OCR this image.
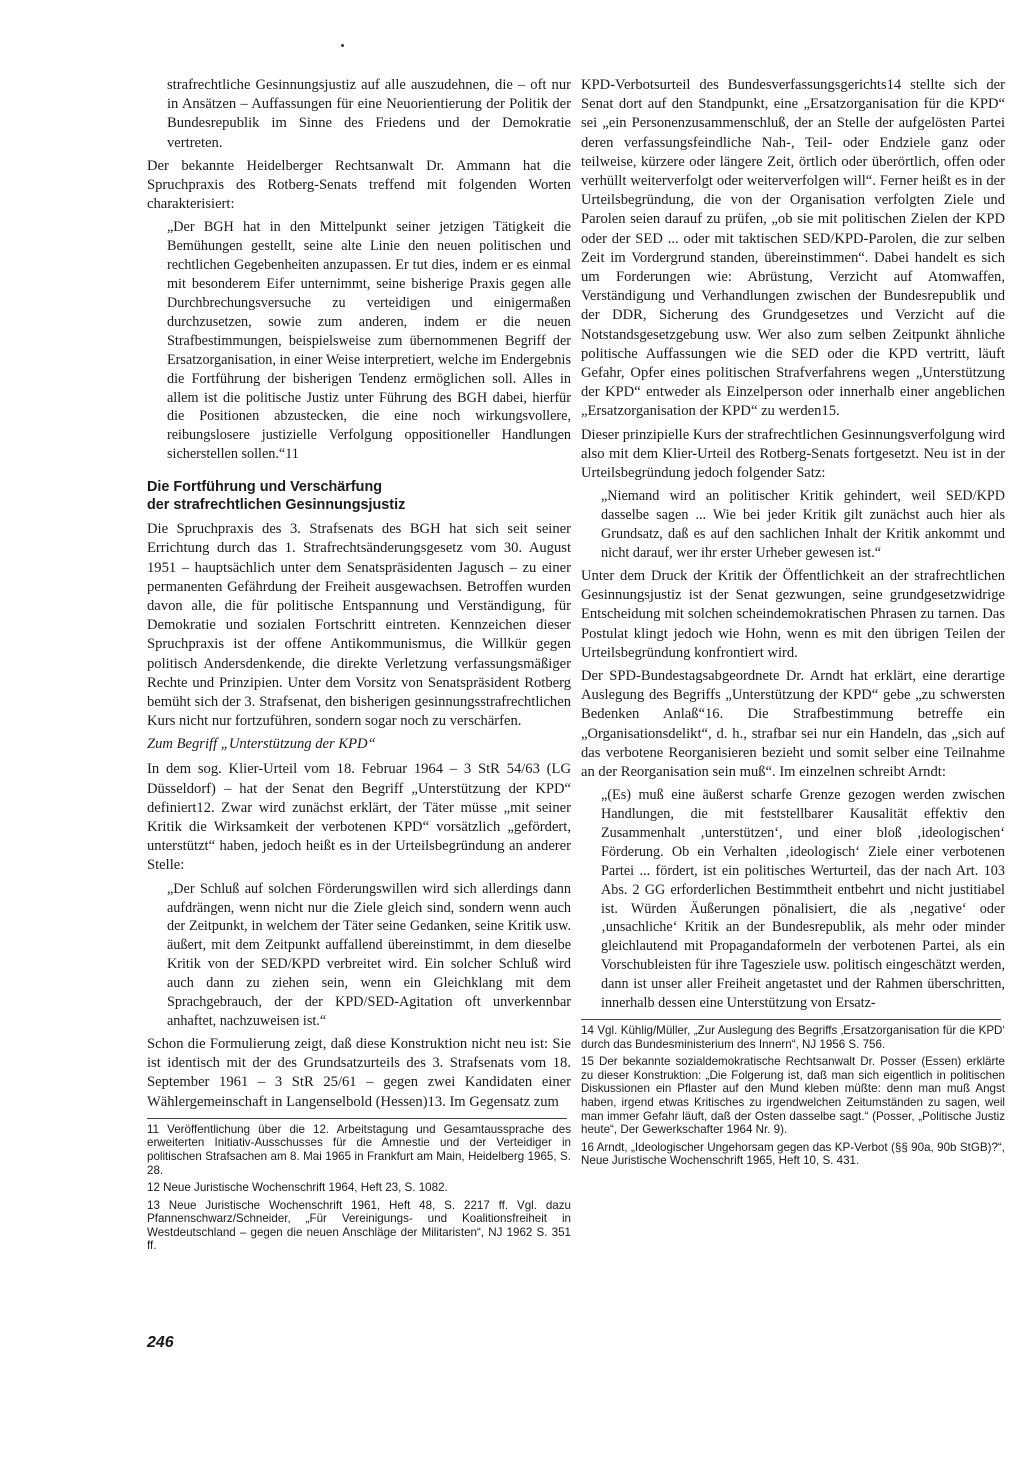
strafrechtliche Gesinnungsjustiz auf alle auszudehnen, die – oft nur in Ansätzen – Auffassungen für eine Neuorientierung der Politik der Bundesrepublik im Sinne des Friedens und der Demokratie vertreten.

Der bekannte Heidelberger Rechtsanwalt Dr. Ammann hat die Spruchpraxis des Rotberg-Senats treffend mit folgenden Worten charakterisiert:

„Der BGH hat in den Mittelpunkt seiner jetzigen Tätigkeit die Bemühungen gestellt, seine alte Linie den neuen politischen und rechtlichen Gegebenheiten anzupassen. Er tut dies, indem er es einmal mit besonderem Eifer unternimmt, seine bisherige Praxis gegen alle Durchbrechungsversuche zu verteidigen und einigermaßen durchzusetzen, sowie zum anderen, indem er die neuen Strafbestimmungen, beispielsweise zum übernommenen Begriff der Ersatzorganisation, in einer Weise interpretiert, welche im Endergebnis die Fortführung der bisherigen Tendenz ermöglichen soll. Alles in allem ist die politische Justiz unter Führung des BGH dabei, hierfür die Positionen abzustecken, die eine noch wirkungsvollere, reibungslosere justizielle Verfolgung oppositioneller Handlungen sicherstellen sollen.“11

Die Fortführung und Verschärfung
der strafrechtlichen Gesinnungsjustiz

Die Spruchpraxis des 3. Strafsenats des BGH hat sich seit seiner Errichtung durch das 1. Strafrechtsänderungsgesetz vom 30. August 1951 – hauptsächlich unter dem Senatspräsidenten Jagusch – zu einer permanenten Gefährdung der Freiheit ausgewachsen. Betroffen wurden davon alle, die für politische Entspannung und Verständigung, für Demokratie und sozialen Fortschritt eintreten. Kennzeichen dieser Spruchpraxis ist der offene Antikommunismus, die Willkür gegen politisch Andersdenkende, die direkte Verletzung verfassungsmäßiger Rechte und Prinzipien. Unter dem Vorsitz von Senatspräsident Rotberg bemüht sich der 3. Strafsenat, den bisherigen gesinnungsstrafrechtlichen Kurs nicht nur fortzuführen, sondern sogar noch zu verschärfen.

Zum Begriff „Unterstützung der KPD“

In dem sog. Klier-Urteil vom 18. Februar 1964 – 3 StR 54/63 (LG Düsseldorf) – hat der Senat den Begriff „Unterstützung der KPD“ definiert12. Zwar wird zunächst erklärt, der Täter müsse „mit seiner Kritik die Wirksamkeit der verbotenen KPD“ vorsätzlich „gefördert, unterstützt“ haben, jedoch heißt es in der Urteilsbegründung an anderer Stelle:

„Der Schluß auf solchen Förderungswillen wird sich allerdings dann aufdrängen, wenn nicht nur die Ziele gleich sind, sondern wenn auch der Zeitpunkt, in welchem der Täter seine Gedanken, seine Kritik usw. äußert, mit dem Zeitpunkt auffallend übereinstimmt, in dem dieselbe Kritik von der SED/KPD verbreitet wird. Ein solcher Schluß wird auch dann zu ziehen sein, wenn ein Gleichklang mit dem Sprachgebrauch, der der KPD/SED-Agitation oft unverkennbar anhaftet, nachzuweisen ist.“

Schon die Formulierung zeigt, daß diese Konstruktion nicht neu ist: Sie ist identisch mit der des Grundsatzurteils des 3. Strafsenats vom 18. September 1961 – 3 StR 25/61 – gegen zwei Kandidaten einer Wählergemeinschaft in Langenselbold (Hessen)13. Im Gegensatz zum

11 Veröffentlichung über die 12. Arbeitstagung und Gesamtaussprache des erweiterten Initiativ-Ausschusses für die Amnestie und der Verteidiger in politischen Strafsachen am 8. Mai 1965 in Frankfurt am Main, Heidelberg 1965, S. 28.

12 Neue Juristische Wochenschrift 1964, Heft 23, S. 1082.

13 Neue Juristische Wochenschrift 1961, Heft 48, S. 2217 ff. Vgl. dazu Pfannenschwarz/Schneider, „Für Vereinigungs- und Koalitionsfreiheit in Westdeutschland – gegen die neuen Anschläge der Militaristen“, NJ 1962 S. 351 ff.

KPD-Verbotsurteil des Bundesverfassungsgerichts14 stellte sich der Senat dort auf den Standpunkt, eine „Ersatzorganisation für die KPD“ sei „ein Personenzusammenschluß, der an Stelle der aufgelösten Partei deren verfassungsfeindliche Nah-, Teil- oder Endziele ganz oder teilweise, kürzere oder längere Zeit, örtlich oder überörtlich, offen oder verhüllt weiterverfolgt oder weiterverfolgen will“. Ferner heißt es in der Urteilsbegründung, die von der Organisation verfolgten Ziele und Parolen seien darauf zu prüfen, „ob sie mit politischen Zielen der KPD oder der SED ... oder mit taktischen SED/KPD-Parolen, die zur selben Zeit im Vordergrund standen, übereinstimmen“. Dabei handelt es sich um Forderungen wie: Abrüstung, Verzicht auf Atomwaffen, Verständigung und Verhandlungen zwischen der Bundesrepublik und der DDR, Sicherung des Grundgesetzes und Verzicht auf die Notstandsgesetzgebung usw. Wer also zum selben Zeitpunkt ähnliche politische Auffassungen wie die SED oder die KPD vertritt, läuft Gefahr, Opfer eines politischen Strafverfahrens wegen „Unterstützung der KPD“ entweder als Einzelperson oder innerhalb einer angeblichen „Ersatzorganisation der KPD“ zu werden15.

Dieser prinzipielle Kurs der strafrechtlichen Gesinnungsverfolgung wird also mit dem Klier-Urteil des Rotberg-Senats fortgesetzt. Neu ist in der Urteilsbegründung jedoch folgender Satz:

„Niemand wird an politischer Kritik gehindert, weil SED/KPD dasselbe sagen ... Wie bei jeder Kritik gilt zunächst auch hier als Grundsatz, daß es auf den sachlichen Inhalt der Kritik ankommt und nicht darauf, wer ihr erster Urheber gewesen ist.“

Unter dem Druck der Kritik der Öffentlichkeit an der strafrechtlichen Gesinnungsjustiz ist der Senat gezwungen, seine grundgesetzwidrige Entscheidung mit solchen scheindemokratischen Phrasen zu tarnen. Das Postulat klingt jedoch wie Hohn, wenn es mit den übrigen Teilen der Urteilsbegründung konfrontiert wird.

Der SPD-Bundestagsabgeordnete Dr. Arndt hat erklärt, eine derartige Auslegung des Begriffs „Unterstützung der KPD“ gebe „zu schwersten Bedenken Anlaß“16. Die Strafbestimmung betreffe ein „Organisationsdelikt“, d. h., strafbar sei nur ein Handeln, das „sich auf das verbotene Reorganisieren bezieht und somit selber eine Teilnahme an der Reorganisation sein muß“. Im einzelnen schreibt Arndt:

„(Es) muß eine äußerst scharfe Grenze gezogen werden zwischen Handlungen, die mit feststellbarer Kausalität effektiv den Zusammenhalt ‚unterstützen‘, und einer bloß ‚ideologischen‘ Förderung. Ob ein Verhalten ‚ideologisch‘ Ziele einer verbotenen Partei ... fördert, ist ein politisches Werturteil, das der nach Art. 103 Abs. 2 GG erforderlichen Bestimmtheit entbehrt und nicht justitiabel ist. Würden Äußerungen pönalisiert, die als ‚negative‘ oder ‚unsachliche‘ Kritik an der Bundesrepublik, als mehr oder minder gleichlautend mit Propagandaformeln der verbotenen Partei, als ein Vorschubleisten für ihre Tagesziele usw. politisch eingeschätzt werden, dann ist unser aller Freiheit angetastet und der Rahmen überschritten, innerhalb dessen eine Unterstützung von Ersatz-

14 Vgl. Kühlig/Müller, „Zur Auslegung des Begriffs ‚Ersatzorganisation für die KPD‘ durch das Bundesministerium des Innern“, NJ 1956 S. 756.

15 Der bekannte sozialdemokratische Rechtsanwalt Dr. Posser (Essen) erklärte zu dieser Konstruktion: „Die Folgerung ist, daß man sich eigentlich in politischen Diskussionen ein Pflaster auf den Mund kleben müßte: denn man muß Angst haben, irgend etwas Kritisches zu irgendwelchen Zeitumständen zu sagen, weil man immer Gefahr läuft, daß der Osten dasselbe sagt.“ (Posser, „Politische Justiz heute“, Der Gewerkschafter 1964 Nr. 9).

16 Arndt, „Ideologischer Ungehorsam gegen das KP-Verbot (§§ 90a, 90b StGB)?“, Neue Juristische Wochenschrift 1965, Heft 10, S. 431.

246
